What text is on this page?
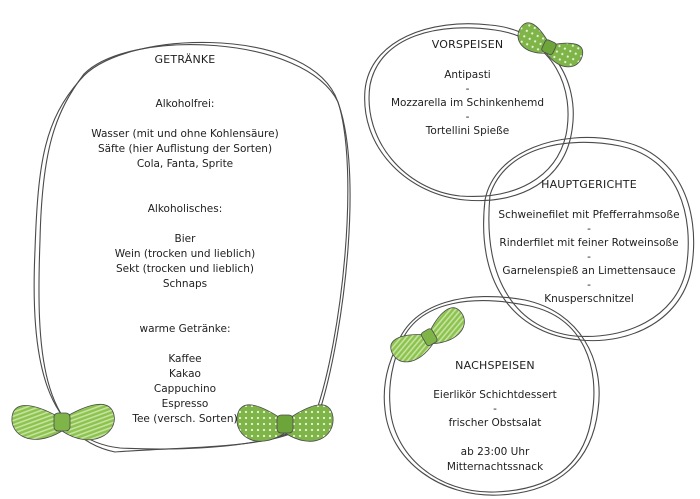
GETRÄNKE
Alkoholfrei:
Wasser (mit und ohne Kohlensäure)
Säfte (hier Auflistung der Sorten)
Cola, Fanta, Sprite
Alkoholisches:
Bier
Wein (trocken und lieblich)
Sekt (trocken und lieblich)
Schnaps
warme Getränke:
Kaffee
Kakao
Cappuchino
Espresso
Tee (versch. Sorten)
VORSPEISEN
Antipasti
-
Mozzarella im Schinkenhemd
-
Tortellini Spieße
HAUPTGERICHTE
Schweinefilet mit Pfefferrahmsoße
-
Rinderfilet mit feiner Rotweinsoße
-
Garnelenspieß an Limettensauce
-
Knusperschnitzel
NACHSPEISEN
Eierlikör Schichtdessert
-
frischer Obstsalat
ab 23:00 Uhr
Mitternachtssnack
